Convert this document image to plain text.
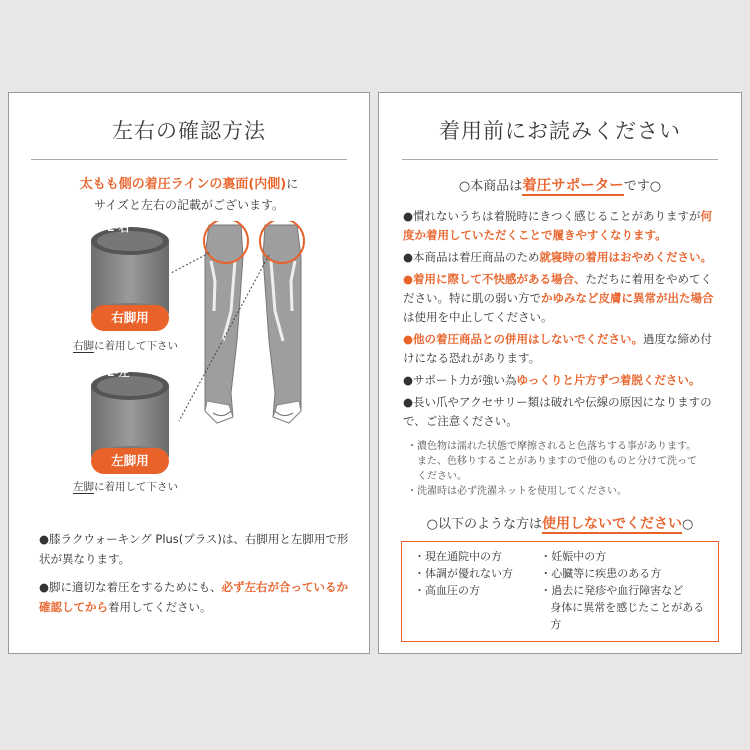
左右の確認方法
太もも側の着圧ラインの裏面(内側)に
サイズと左右の記載がございます。
L-右
L-左
右脚用
右脚に着用して下さい
左脚用
左脚に着用して下さい
●膝ラクウォーキング Plus(プラス)は、右脚用と左脚用で形状が異なります。
●脚に適切な着圧をするためにも、必ず左右が合っているか確認してから着用してください。
着用前にお読みください
○本商品は着圧サポーターです○
●慣れないうちは着脱時にきつく感じることがありますが何度か着用していただくことで履きやすくなります。
●本商品は着圧商品のため就寝時の着用はおやめください。
●着用に際して不快感がある場合、ただちに着用をやめてください。特に肌の弱い方でかゆみなど皮膚に異常が出た場合は使用を中止してください。
●他の着圧商品との併用はしないでください。過度な締め付けになる恐れがあります。
●サポート力が強い為ゆっくりと片方ずつ着脱ください。
●長い爪やアクセサリー類は破れや伝線の原因になりますので、ご注意ください。
・濃色物は濡れた状態で摩擦されると色落ちする事があります。
また、色移りすることがありますので他のものと分けて洗って
ください。
・洗濯時は必ず洗濯ネットを使用してください。
○以下のような方は使用しないでください○
・現在通院中の方
・体調が優れない方
・高血圧の方
・妊娠中の方
・心臓等に疾患のある方
・過去に発疹や血行障害など
身体に異常を感じたことがある方
